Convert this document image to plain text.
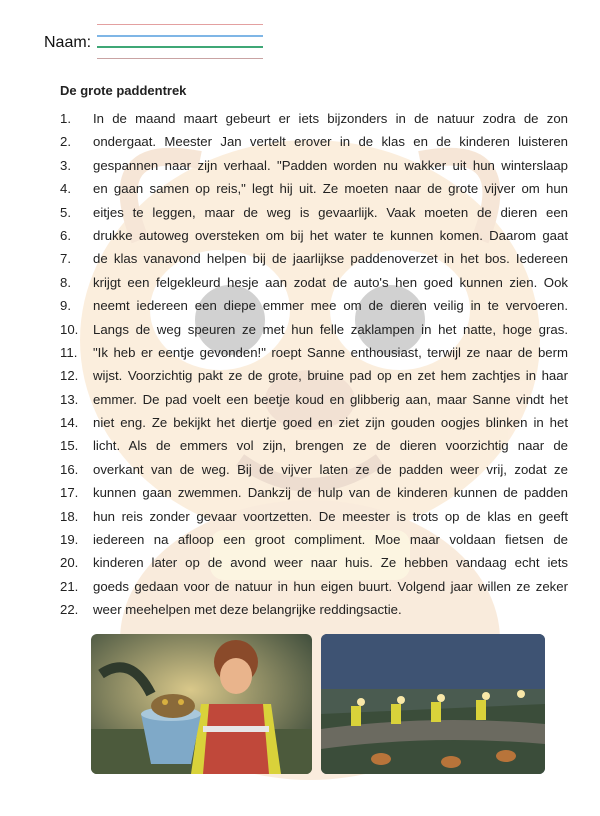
Naam:
De grote paddentrek
1.	In de maand maart gebeurt er iets bijzonders in de natuur zodra de zon
2.	ondergaat. Meester Jan vertelt erover in de klas en de kinderen luisteren
3.	gespannen naar zijn verhaal. "Padden worden nu wakker uit hun winterslaap
4.	en gaan samen op reis," legt hij uit. Ze moeten naar de grote vijver om hun
5.	eitjes te leggen, maar de weg is gevaarlijk. Vaak moeten de dieren een
6.	drukke autoweg oversteken om bij het water te kunnen komen. Daarom gaat
7.	de klas vanavond helpen bij de jaarlijkse paddenoverzet in het bos. Iedereen
8.	krijgt een felgekleurd hesje aan zodat de auto's hen goed kunnen zien. Ook
9.	neemt iedereen een diepe emmer mee om de dieren veilig in te vervoeren.
10.	Langs de weg speuren ze met hun felle zaklampen in het natte, hoge gras.
11.	"Ik heb er eentje gevonden!" roept Sanne enthousiast, terwijl ze naar de berm
12.	wijst. Voorzichtig pakt ze de grote, bruine pad op en zet hem zachtjes in haar
13.	emmer. De pad voelt een beetje koud en glibberig aan, maar Sanne vindt het
14.	niet eng. Ze bekijkt het diertje goed en ziet zijn gouden oogjes blinken in het
15.	licht. Als de emmers vol zijn, brengen ze de dieren voorzichtig naar de
16.	overkant van de weg. Bij de vijver laten ze de padden weer vrij, zodat ze
17.	kunnen gaan zwemmen. Dankzij de hulp van de kinderen kunnen de padden
18.	hun reis zonder gevaar voortzetten. De meester is trots op de klas en geeft
19.	iedereen na afloop een groot compliment. Moe maar voldaan fietsen de
20.	kinderen later op de avond weer naar huis. Ze hebben vandaag echt iets
21.	goeds gedaan voor de natuur in hun eigen buurt. Volgend jaar willen ze zeker
22.	weer meehelpen met deze belangrijke reddingsactie.
